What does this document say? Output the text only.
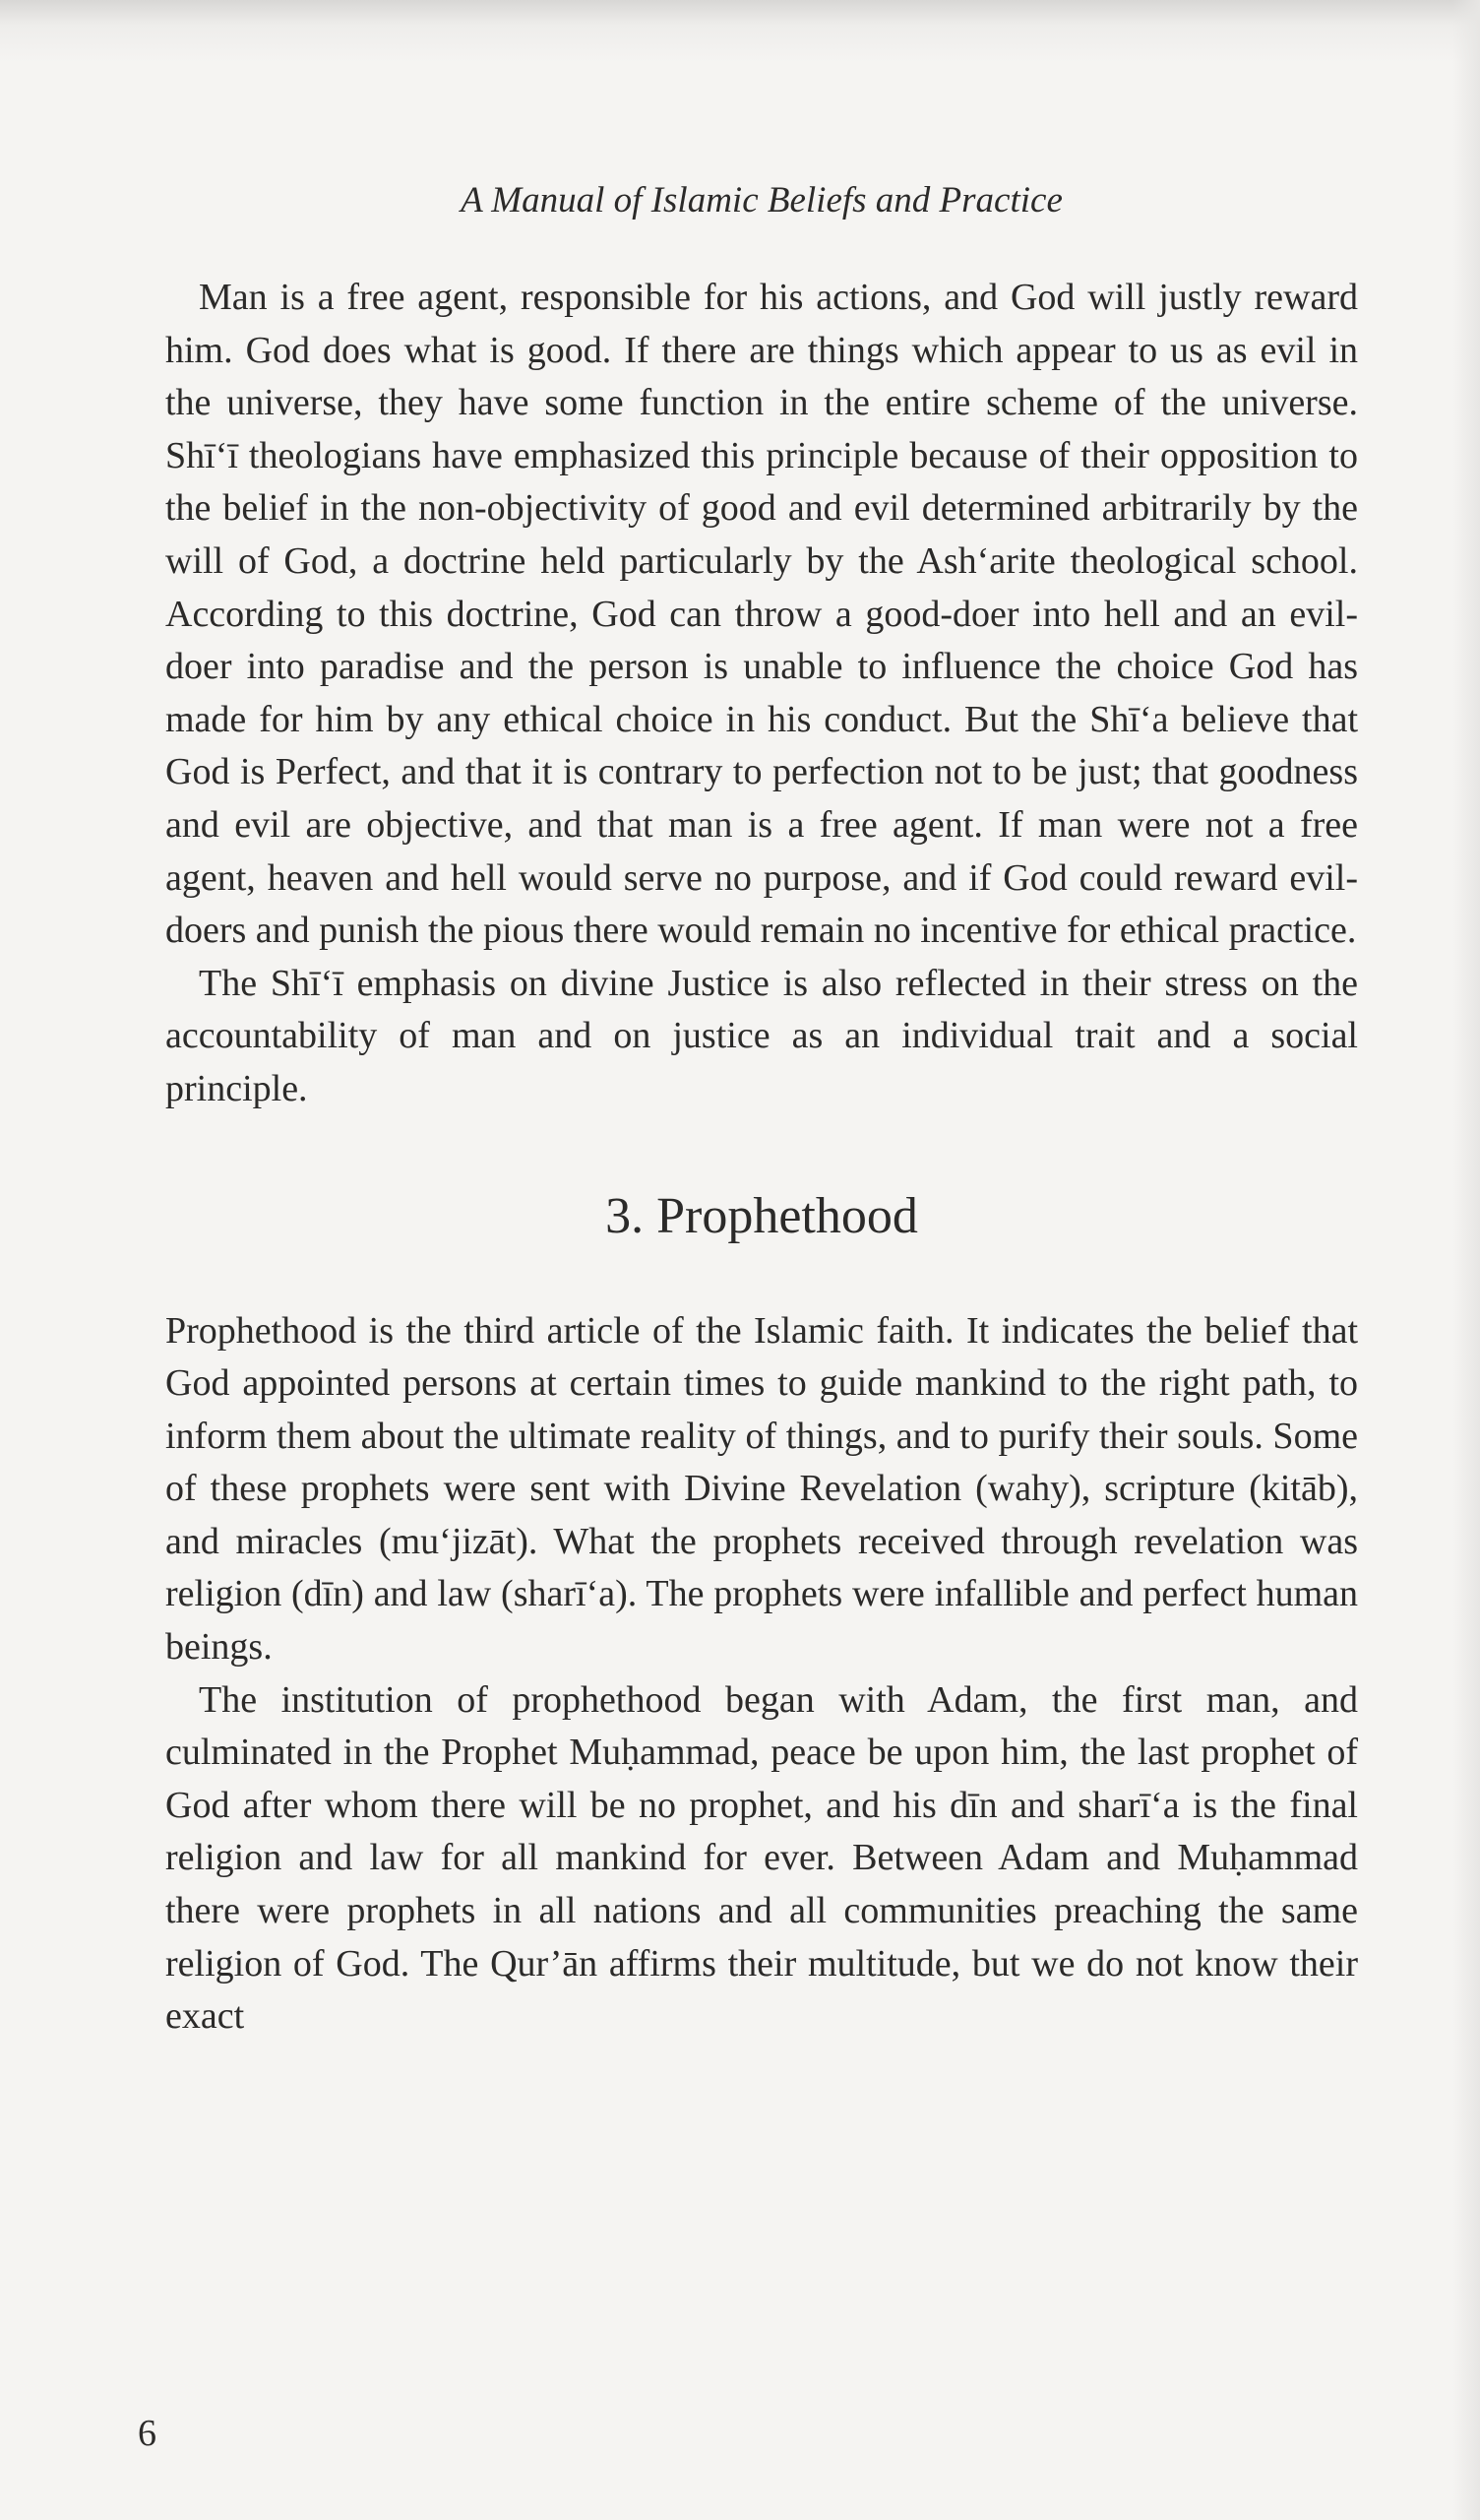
A Manual of Islamic Beliefs and Practice

Man is a free agent, responsible for his actions, and God will justly reward him. God does what is good. If there are things which appear to us as evil in the universe, they have some function in the entire scheme of the universe. Shī‘ī theologians have emphasized this principle because of their opposition to the belief in the non-objectivity of good and evil determined arbitrarily by the will of God, a doctrine held particularly by the Ash‘arite theological school. According to this doctrine, God can throw a good-doer into hell and an evil-doer into paradise and the person is unable to influence the choice God has made for him by any ethical choice in his conduct. But the Shī‘a believe that God is Perfect, and that it is contrary to perfection not to be just; that goodness and evil are objective, and that man is a free agent. If man were not a free agent, heaven and hell would serve no purpose, and if God could reward evil-doers and punish the pious there would remain no incentive for ethical practice.

The Shī‘ī emphasis on divine Justice is also reflected in their stress on the accountability of man and on justice as an individual trait and a social principle.

3. Prophethood

Prophethood is the third article of the Islamic faith. It indicates the belief that God appointed persons at certain times to guide mankind to the right path, to inform them about the ultimate reality of things, and to purify their souls. Some of these prophets were sent with Divine Revelation (wahy), scripture (kitāb), and miracles (mu‘jizāt). What the prophets received through revelation was religion (dīn) and law (sharī‘a). The prophets were infallible and perfect human beings.

The institution of prophethood began with Adam, the first man, and culminated in the Prophet Muḥammad, peace be upon him, the last prophet of God after whom there will be no prophet, and his dīn and sharī‘a is the final religion and law for all mankind for ever. Between Adam and Muḥammad there were prophets in all nations and all communities preaching the same religion of God. The Qur’ān affirms their multitude, but we do not know their exact

6
